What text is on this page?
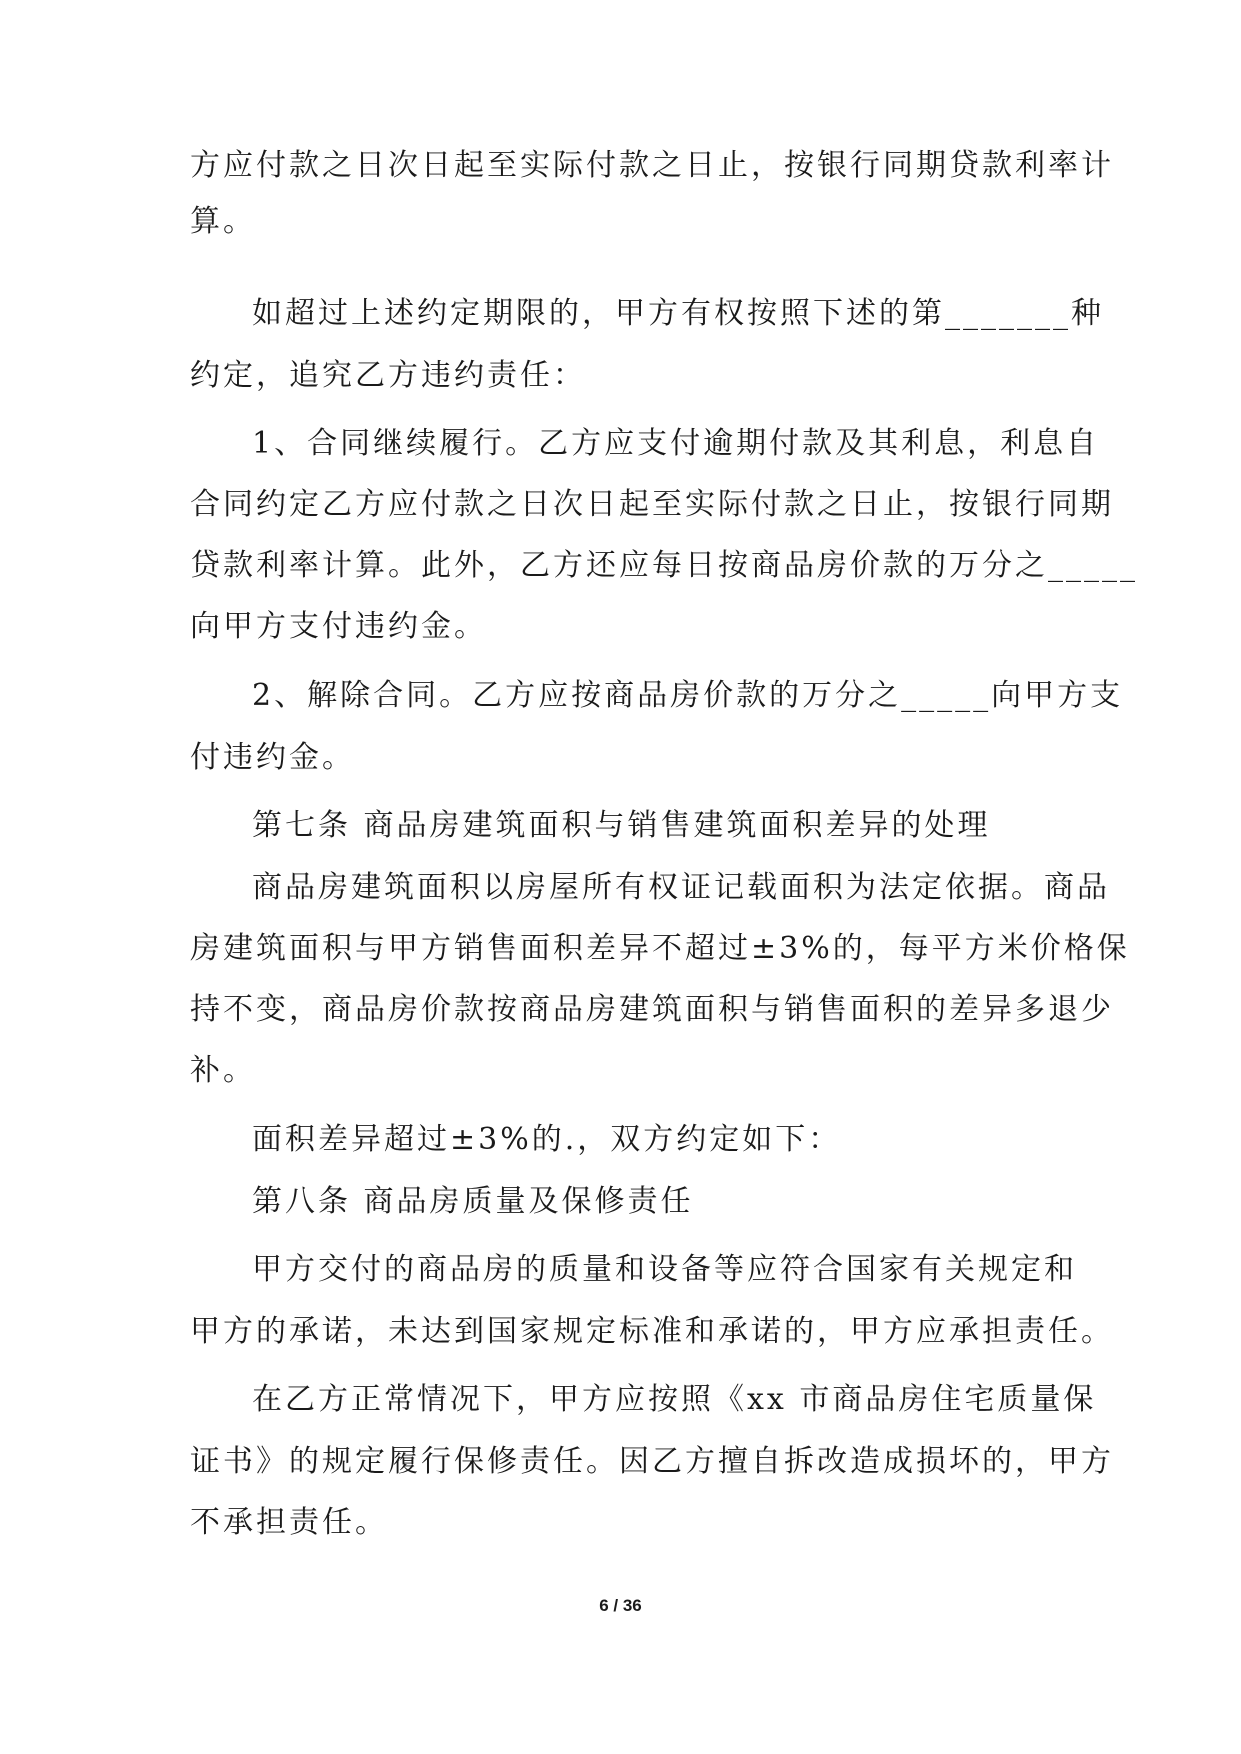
方应付款之日次日起至实际付款之日止，按银行同期贷款利率计
算。
如超过上述约定期限的，甲方有权按照下述的第_______种
约定，追究乙方违约责任：
1、合同继续履行。乙方应支付逾期付款及其利息，利息自
合同约定乙方应付款之日次日起至实际付款之日止，按银行同期
贷款利率计算。此外，乙方还应每日按商品房价款的万分之_____
向甲方支付违约金。
2、解除合同。乙方应按商品房价款的万分之_____向甲方支
付违约金。
第七条 商品房建筑面积与销售建筑面积差异的处理
商品房建筑面积以房屋所有权证记载面积为法定依据。商品
房建筑面积与甲方销售面积差异不超过±3%的，每平方米价格保
持不变，商品房价款按商品房建筑面积与销售面积的差异多退少
补。
面积差异超过±3%的.，双方约定如下：
第八条 商品房质量及保修责任
甲方交付的商品房的质量和设备等应符合国家有关规定和
甲方的承诺，未达到国家规定标准和承诺的，甲方应承担责任。
在乙方正常情况下，甲方应按照《xx 市商品房住宅质量保
证书》的规定履行保修责任。因乙方擅自拆改造成损坏的，甲方
不承担责任。
6 / 36
